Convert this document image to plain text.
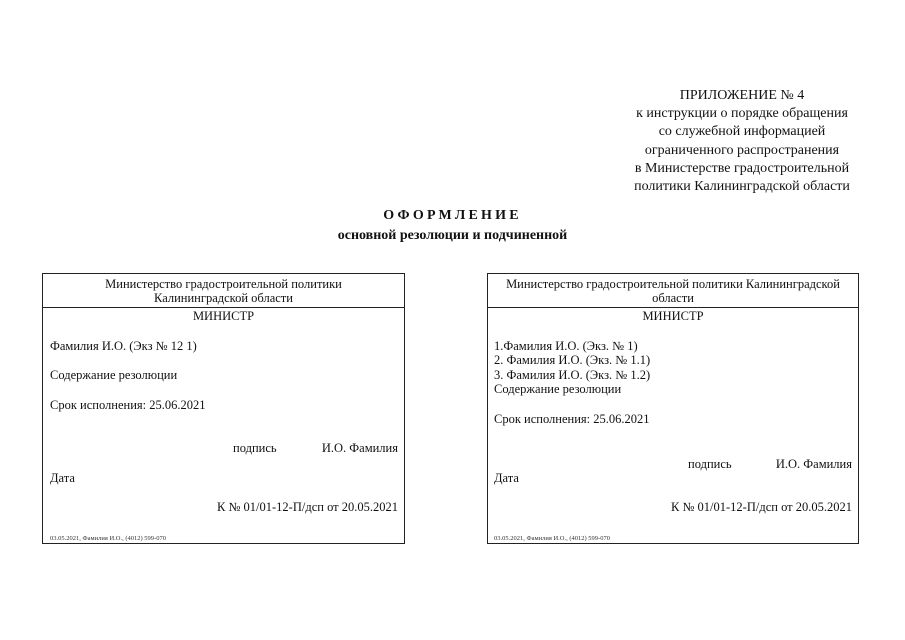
ПРИЛОЖЕНИЕ № 4
к инструкции о порядке обращения
со служебной информацией
ограниченного распространения
в Министерстве градостроительной
политики Калининградской области
ОФОРМЛЕНИЕ
основной резолюции и подчиненной
Министерство градостроительной политики
Калининградской области
МИНИСТР
Фамилия И.О. (Экз № 12 1)
Содержание резолюции
Срок исполнения: 25.06.2021
подпись	И.О. Фамилия
Дата
К № 01/01-12-П/дсп от 20.05.2021
03.05.2021, Фамилия И.О., (4012) 599-070
Министерство градостроительной политики Калининградской
области
МИНИСТР
1.Фамилия И.О. (Экз. № 1)
2. Фамилия И.О. (Экз. № 1.1)
3. Фамилия И.О. (Экз. № 1.2)
Содержание резолюции
Срок исполнения: 25.06.2021
подпись	И.О. Фамилия
Дата
К № 01/01-12-П/дсп от 20.05.2021
03.05.2021, Фамилия И.О., (4012) 599-070
